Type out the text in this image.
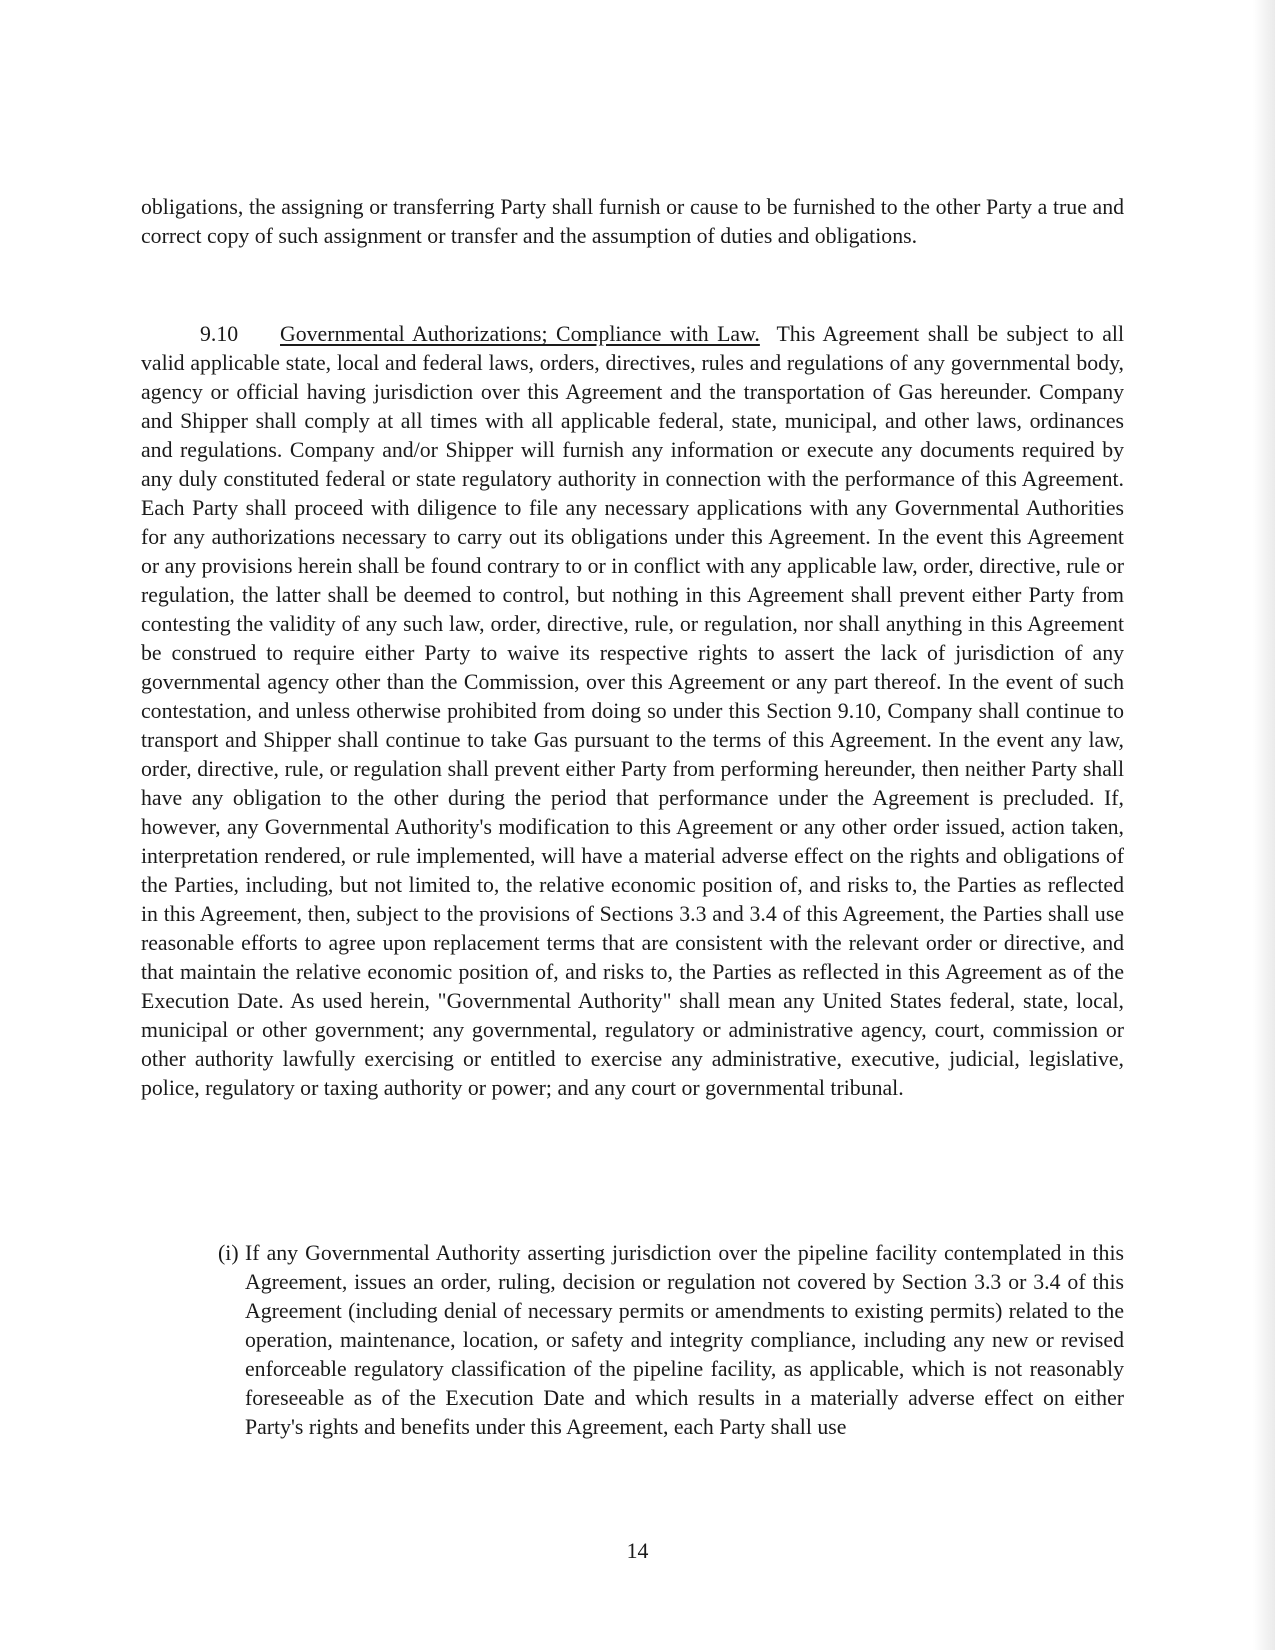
obligations, the assigning or transferring Party shall furnish or cause to be furnished to the other Party a true and correct copy of such assignment or transfer and the assumption of duties and obligations.

9.10 Governmental Authorizations; Compliance with Law. This Agreement shall be subject to all valid applicable state, local and federal laws, orders, directives, rules and regulations of any governmental body, agency or official having jurisdiction over this Agreement and the transportation of Gas hereunder. Company and Shipper shall comply at all times with all applicable federal, state, municipal, and other laws, ordinances and regulations. Company and/or Shipper will furnish any information or execute any documents required by any duly constituted federal or state regulatory authority in connection with the performance of this Agreement. Each Party shall proceed with diligence to file any necessary applications with any Governmental Authorities for any authorizations necessary to carry out its obligations under this Agreement. In the event this Agreement or any provisions herein shall be found contrary to or in conflict with any applicable law, order, directive, rule or regulation, the latter shall be deemed to control, but nothing in this Agreement shall prevent either Party from contesting the validity of any such law, order, directive, rule, or regulation, nor shall anything in this Agreement be construed to require either Party to waive its respective rights to assert the lack of jurisdiction of any governmental agency other than the Commission, over this Agreement or any part thereof. In the event of such contestation, and unless otherwise prohibited from doing so under this Section 9.10, Company shall continue to transport and Shipper shall continue to take Gas pursuant to the terms of this Agreement. In the event any law, order, directive, rule, or regulation shall prevent either Party from performing hereunder, then neither Party shall have any obligation to the other during the period that performance under the Agreement is precluded. If, however, any Governmental Authority's modification to this Agreement or any other order issued, action taken, interpretation rendered, or rule implemented, will have a material adverse effect on the rights and obligations of the Parties, including, but not limited to, the relative economic position of, and risks to, the Parties as reflected in this Agreement, then, subject to the provisions of Sections 3.3 and 3.4 of this Agreement, the Parties shall use reasonable efforts to agree upon replacement terms that are consistent with the relevant order or directive, and that maintain the relative economic position of, and risks to, the Parties as reflected in this Agreement as of the Execution Date. As used herein, "Governmental Authority" shall mean any United States federal, state, local, municipal or other government; any governmental, regulatory or administrative agency, court, commission or other authority lawfully exercising or entitled to exercise any administrative, executive, judicial, legislative, police, regulatory or taxing authority or power; and any court or governmental tribunal.

(i) If any Governmental Authority asserting jurisdiction over the pipeline facility contemplated in this Agreement, issues an order, ruling, decision or regulation not covered by Section 3.3 or 3.4 of this Agreement (including denial of necessary permits or amendments to existing permits) related to the operation, maintenance, location, or safety and integrity compliance, including any new or revised enforceable regulatory classification of the pipeline facility, as applicable, which is not reasonably foreseeable as of the Execution Date and which results in a materially adverse effect on either Party's rights and benefits under this Agreement, each Party shall use

14
